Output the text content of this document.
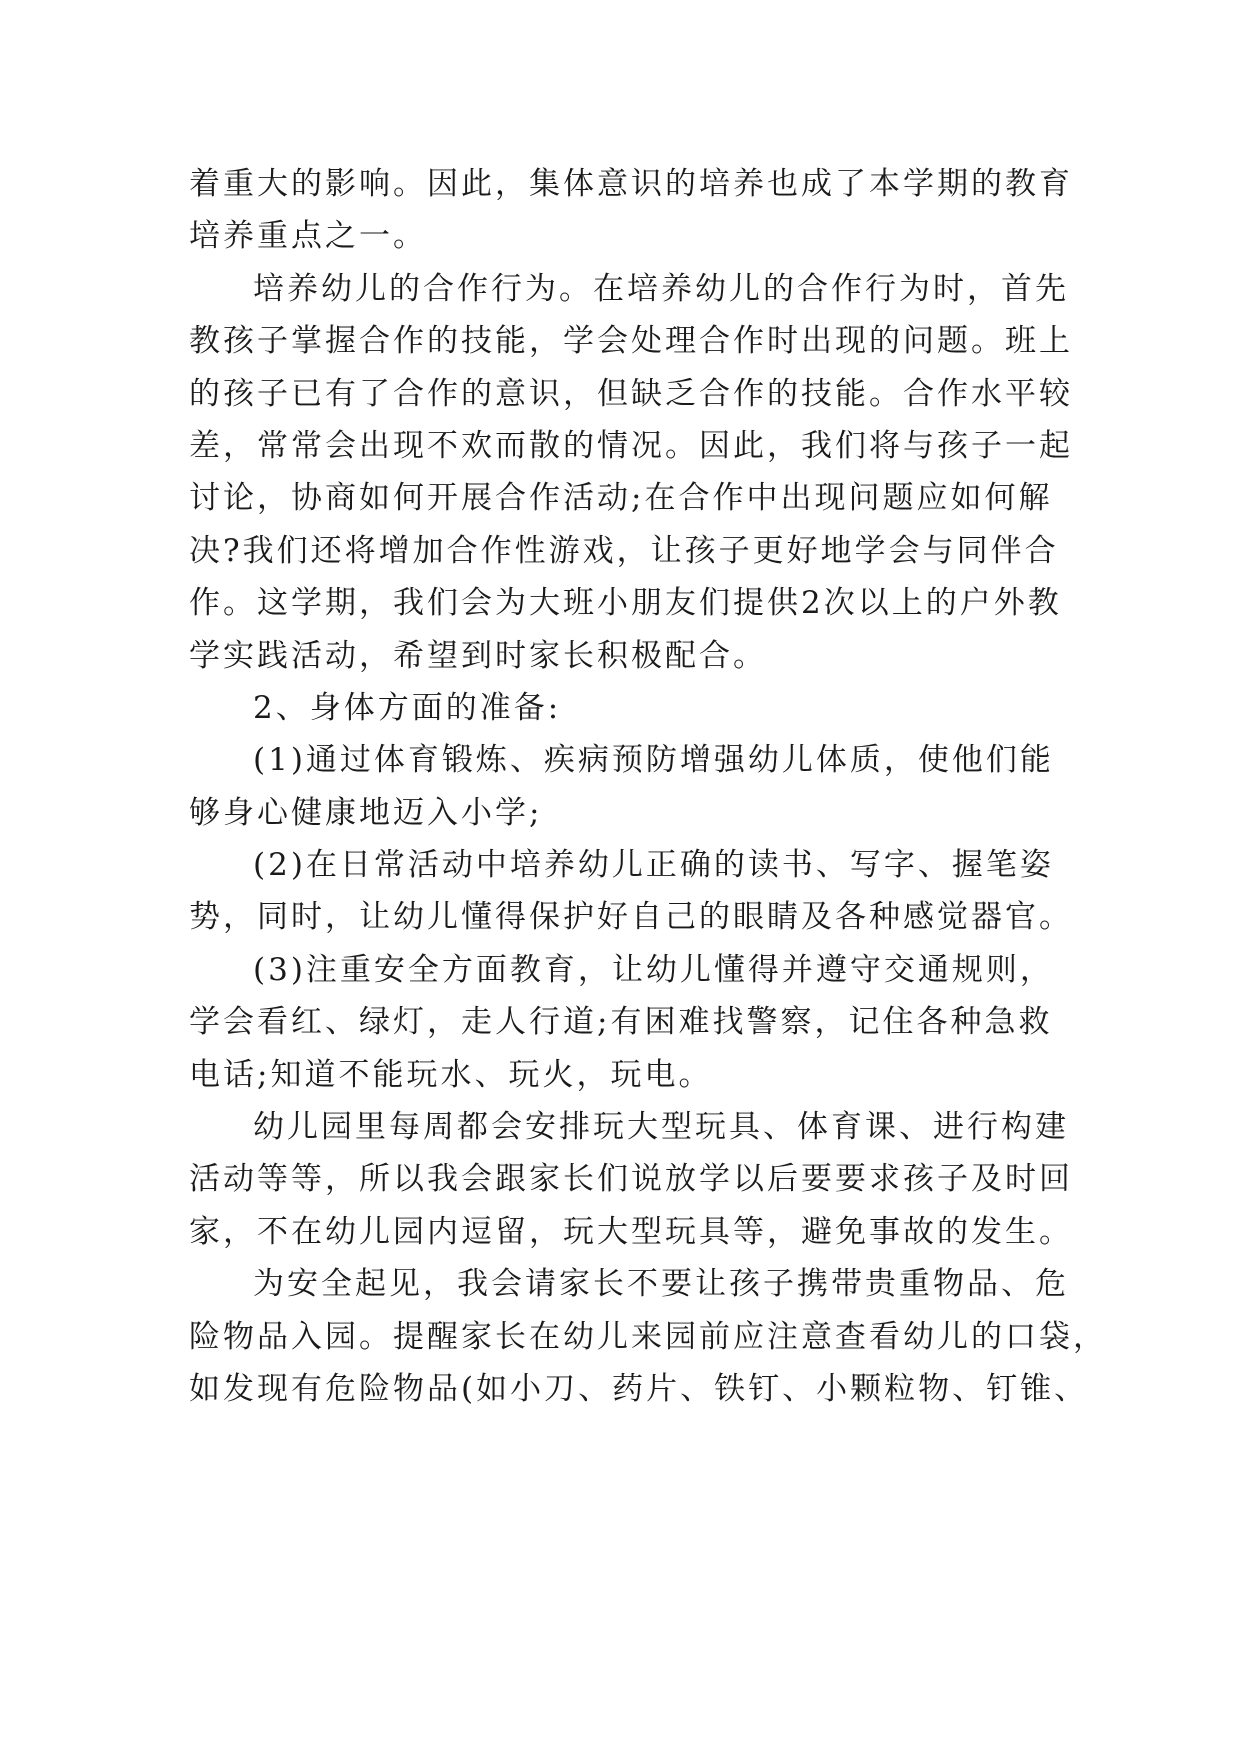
着重大的影响。因此，集体意识的培养也成了本学期的教育
培养重点之一。
培养幼儿的合作行为。在培养幼儿的合作行为时，首先
教孩子掌握合作的技能，学会处理合作时出现的问题。班上
的孩子已有了合作的意识，但缺乏合作的技能。合作水平较
差，常常会出现不欢而散的情况。因此，我们将与孩子一起
讨论，协商如何开展合作活动;在合作中出现问题应如何解
决?我们还将增加合作性游戏，让孩子更好地学会与同伴合
作。这学期，我们会为大班小朋友们提供2次以上的户外教
学实践活动，希望到时家长积极配合。
2、身体方面的准备:
(1)通过体育锻炼、疾病预防增强幼儿体质，使他们能
够身心健康地迈入小学;
(2)在日常活动中培养幼儿正确的读书、写字、握笔姿
势，同时，让幼儿懂得保护好自己的眼睛及各种感觉器官。
(3)注重安全方面教育，让幼儿懂得并遵守交通规则，
学会看红、绿灯，走人行道;有困难找警察，记住各种急救
电话;知道不能玩水、玩火，玩电。
幼儿园里每周都会安排玩大型玩具、体育课、进行构建
活动等等，所以我会跟家长们说放学以后要要求孩子及时回
家，不在幼儿园内逗留，玩大型玩具等，避免事故的发生。
为安全起见，我会请家长不要让孩子携带贵重物品、危
险物品入园。提醒家长在幼儿来园前应注意查看幼儿的口袋，
如发现有危险物品(如小刀、药片、铁钉、小颗粒物、钉锥、
